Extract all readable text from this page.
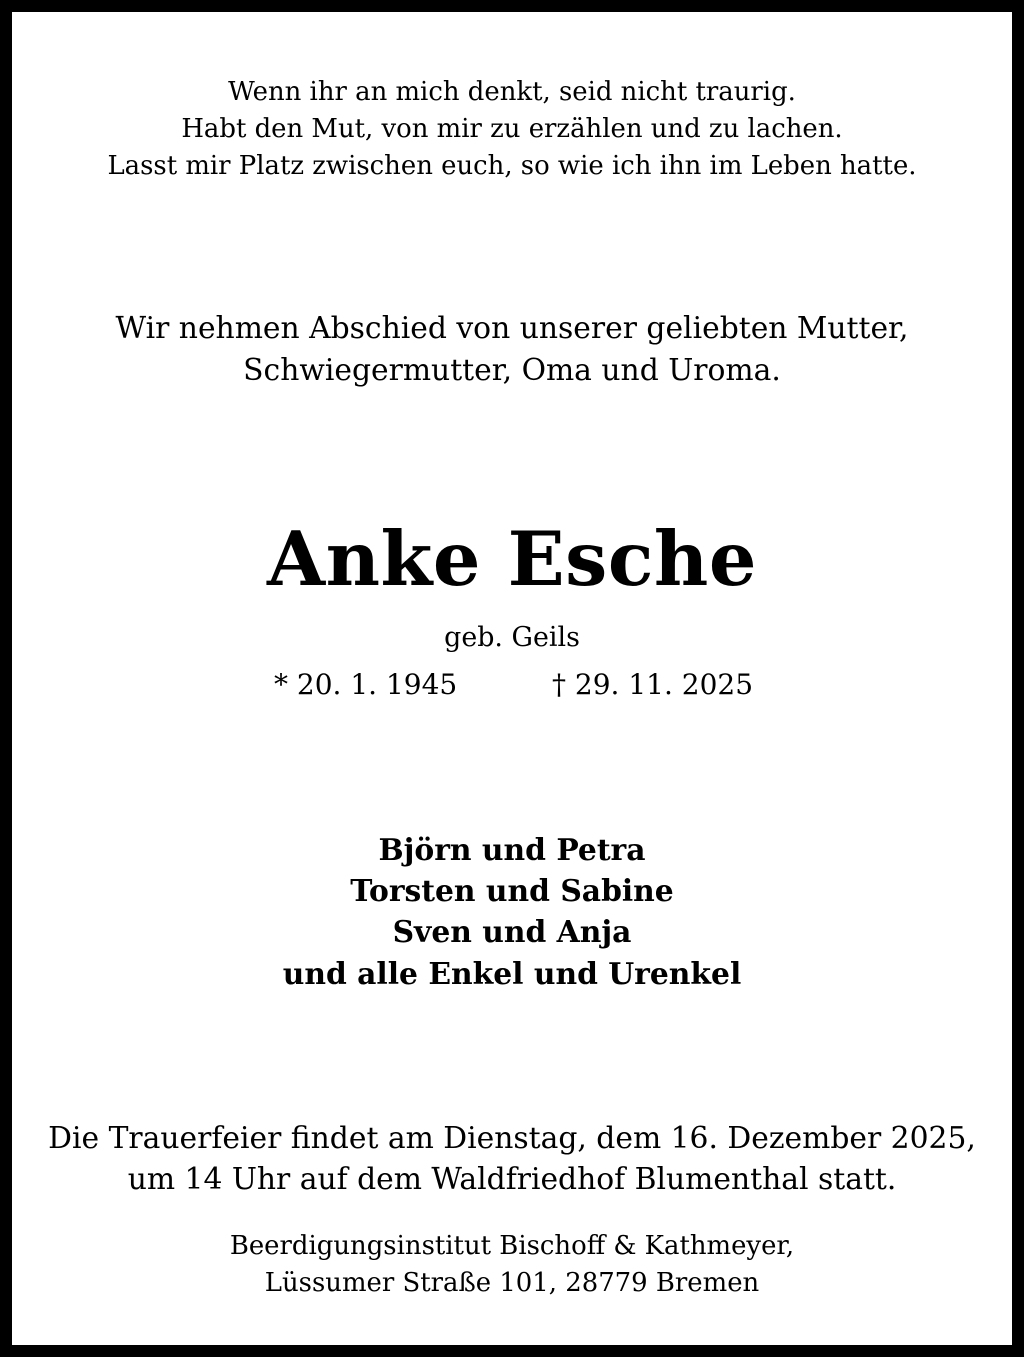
Wenn ihr an mich denkt, seid nicht traurig.
Habt den Mut, von mir zu erzählen und zu lachen.
Lasst mir Platz zwischen euch, so wie ich ihn im Leben hatte.
Wir nehmen Abschied von unserer geliebten Mutter,
Schwiegermutter, Oma und Uroma.
Anke Esche
geb. Geils
* 20. 1. 1945	† 29. 11. 2025
Björn und Petra
Torsten und Sabine
Sven und Anja
und alle Enkel und Urenkel
Die Trauerfeier findet am Dienstag, dem 16. Dezember 2025,
um 14 Uhr auf dem Waldfriedhof Blumenthal statt.
Beerdigungsinstitut Bischoff & Kathmeyer,
Lüssumer Straße 101, 28779 Bremen
